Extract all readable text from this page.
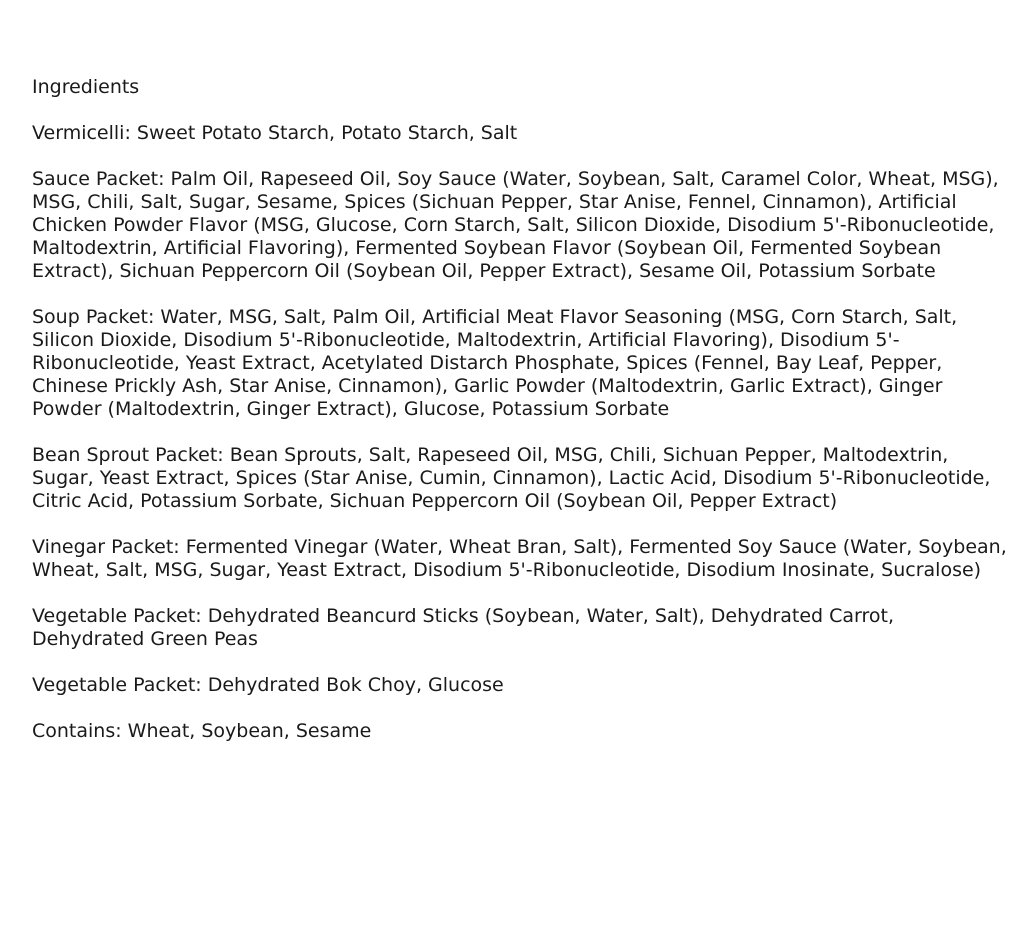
Ingredients

Vermicelli: Sweet Potato Starch, Potato Starch, Salt

Sauce Packet: Palm Oil, Rapeseed Oil, Soy Sauce (Water, Soybean, Salt, Caramel Color, Wheat, MSG), MSG, Chili, Salt, Sugar, Sesame, Spices (Sichuan Pepper, Star Anise, Fennel, Cinnamon), Artificial Chicken Powder Flavor (MSG, Glucose, Corn Starch, Salt, Silicon Dioxide, Disodium 5'-Ribonucleotide, Maltodextrin, Artificial Flavoring), Fermented Soybean Flavor (Soybean Oil, Fermented Soybean Extract), Sichuan Peppercorn Oil (Soybean Oil, Pepper Extract), Sesame Oil, Potassium Sorbate

Soup Packet: Water, MSG, Salt, Palm Oil, Artificial Meat Flavor Seasoning (MSG, Corn Starch, Salt, Silicon Dioxide, Disodium 5'-Ribonucleotide, Maltodextrin, Artificial Flavoring), Disodium 5'-Ribonucleotide, Yeast Extract, Acetylated Distarch Phosphate, Spices (Fennel, Bay Leaf, Pepper, Chinese Prickly Ash, Star Anise, Cinnamon), Garlic Powder (Maltodextrin, Garlic Extract), Ginger Powder (Maltodextrin, Ginger Extract), Glucose, Potassium Sorbate

Bean Sprout Packet: Bean Sprouts, Salt, Rapeseed Oil, MSG, Chili, Sichuan Pepper, Maltodextrin, Sugar, Yeast Extract, Spices (Star Anise, Cumin, Cinnamon), Lactic Acid, Disodium 5'-Ribonucleotide, Citric Acid, Potassium Sorbate, Sichuan Peppercorn Oil (Soybean Oil, Pepper Extract)

Vinegar Packet: Fermented Vinegar (Water, Wheat Bran, Salt), Fermented Soy Sauce (Water, Soybean, Wheat, Salt, MSG, Sugar, Yeast Extract, Disodium 5'-Ribonucleotide, Disodium Inosinate, Sucralose)

Vegetable Packet: Dehydrated Beancurd Sticks (Soybean, Water, Salt), Dehydrated Carrot, Dehydrated Green Peas

Vegetable Packet: Dehydrated Bok Choy, Glucose

Contains: Wheat, Soybean, Sesame
